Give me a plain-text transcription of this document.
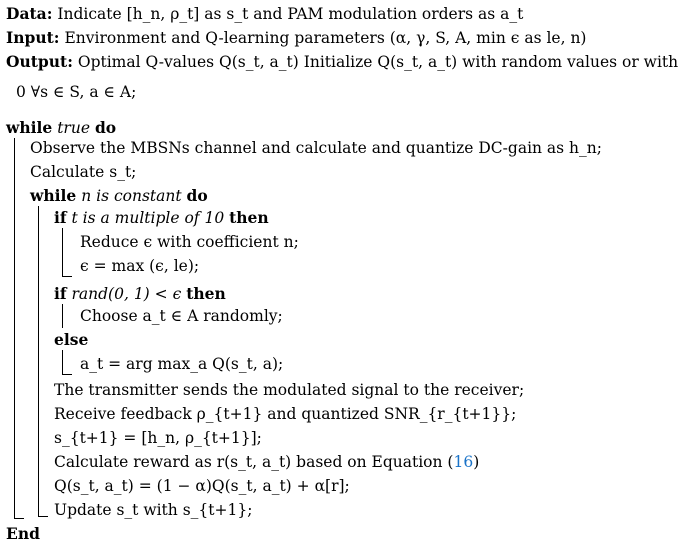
Data: Indicate [h_n, ρ_t] as s_t and PAM modulation orders as a_t
Input: Environment and Q-learning parameters (α, γ, S, A, min ϵ as le, n)
Output: Optimal Q-values Q(s_t, a_t) Initialize Q(s_t, a_t) with random values or with
0 ∀s ∈ S, a ∈ A;
while true do
Observe the MBSNs channel and calculate and quantize DC-gain as h_n;
Calculate s_t;
while n is constant do
if t is a multiple of 10 then
Reduce ϵ with coefficient n;
ϵ = max (ϵ, le);
if rand(0, 1) < ϵ then
Choose a_t ∈ A randomly;
else
a_t = arg max_a Q(s_t, a);
The transmitter sends the modulated signal to the receiver;
Receive feedback ρ_{t+1} and quantized SNR_{r_{t+1}};
s_{t+1} = [h_n, ρ_{t+1}];
Calculate reward as r(s_t, a_t) based on Equation (16)
Q(s_t, a_t) = (1 − α)Q(s_t, a_t) + α[r];
Update s_t with s_{t+1};
End
